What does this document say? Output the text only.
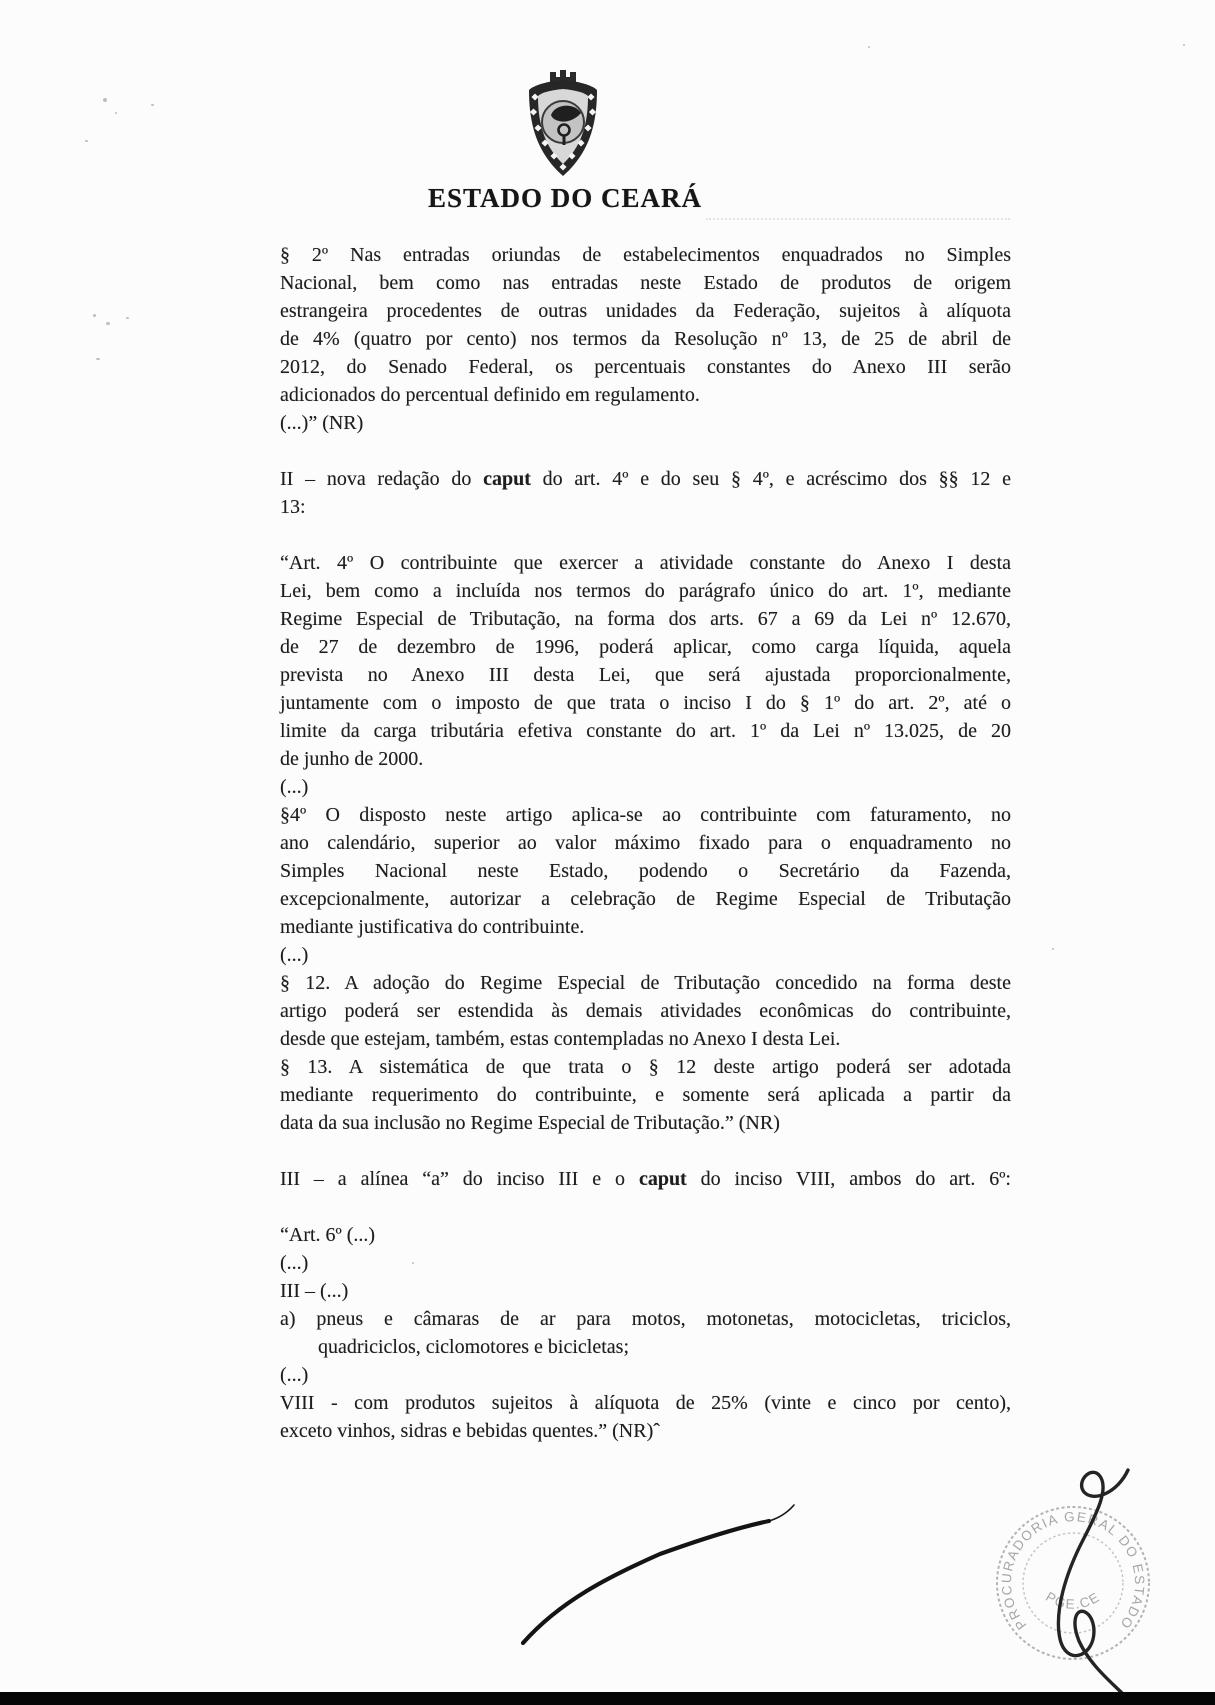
ESTADO DO CEARÁ
§ 2º Nas entradas oriundas de estabelecimentos enquadrados no Simples
Nacional, bem como nas entradas neste Estado de produtos de origem
estrangeira procedentes de outras unidades da Federação, sujeitos à alíquota
de 4% (quatro por cento) nos termos da Resolução nº 13, de 25 de abril de
2012, do Senado Federal, os percentuais constantes do Anexo III serão
adicionados do percentual definido em regulamento.
(...)” (NR)
II – nova redação do caput do art. 4º e do seu § 4º, e acréscimo dos §§ 12 e
13:
“Art. 4º O contribuinte que exercer a atividade constante do Anexo I desta
Lei, bem como a incluída nos termos do parágrafo único do art. 1º, mediante
Regime Especial de Tributação, na forma dos arts. 67 a 69 da Lei nº 12.670,
de 27 de dezembro de 1996, poderá aplicar, como carga líquida, aquela
prevista no Anexo III desta Lei, que será ajustada proporcionalmente,
juntamente com o imposto de que trata o inciso I do § 1º do art. 2º, até o
limite da carga tributária efetiva constante do art. 1º da Lei nº 13.025, de 20
de junho de 2000.
(...)
§4º O disposto neste artigo aplica-se ao contribuinte com faturamento, no
ano calendário, superior ao valor máximo fixado para o enquadramento no
Simples Nacional neste Estado, podendo o Secretário da Fazenda,
excepcionalmente, autorizar a celebração de Regime Especial de Tributação
mediante justificativa do contribuinte.
(...)
§ 12. A adoção do Regime Especial de Tributação concedido na forma deste
artigo poderá ser estendida às demais atividades econômicas do contribuinte,
desde que estejam, também, estas contempladas no Anexo I desta Lei.
§ 13. A sistemática de que trata o § 12 deste artigo poderá ser adotada
mediante requerimento do contribuinte, e somente será aplicada a partir da
data da sua inclusão no Regime Especial de Tributação.” (NR)
III – a alínea “a” do inciso III e o caput do inciso VIII, ambos do art. 6º:
“Art. 6º (...)
(...)
III – (...)
a) pneus e câmaras de ar para motos, motonetas, motocicletas, triciclos,
quadriciclos, ciclomotores e bicicletas;
(...)
VIII - com produtos sujeitos à alíquota de 25% (vinte e cinco por cento),
exceto vinhos, sidras e bebidas quentes.” (NR)ˆ
PROCURADORIA GERAL DO ESTADO
PGE.CE
